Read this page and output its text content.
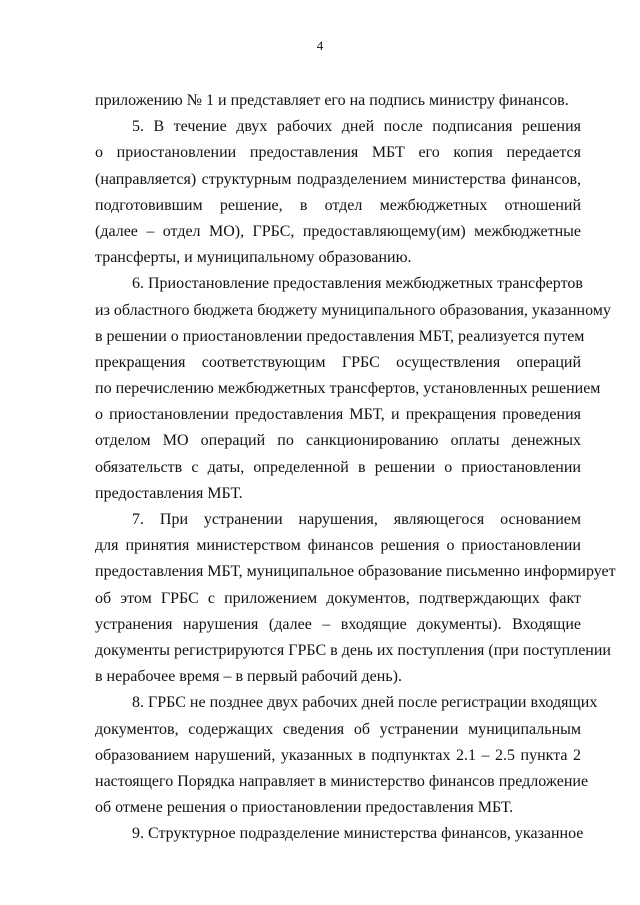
4
приложению № 1 и представляет его на подпись министру финансов.
5. В течение двух рабочих дней после подписания решения
о приостановлении предоставления МБТ его копия передается
(направляется) структурным подразделением министерства финансов,
подготовившим решение, в отдел межбюджетных отношений
(далее – отдел МО), ГРБС, предоставляющему(им) межбюджетные
трансферты, и муниципальному образованию.
6. Приостановление предоставления межбюджетных трансфертов
из областного бюджета бюджету муниципального образования, указанному
в решении о приостановлении предоставления МБТ, реализуется путем
прекращения соответствующим ГРБС осуществления операций
по перечислению межбюджетных трансфертов, установленных решением
о приостановлении предоставления МБТ, и прекращения проведения
отделом МО операций по санкционированию оплаты денежных
обязательств с даты, определенной в решении о приостановлении
предоставления МБТ.
7. При устранении нарушения, являющегося основанием
для принятия министерством финансов решения о приостановлении
предоставления МБТ, муниципальное образование письменно информирует
об этом ГРБС с приложением документов, подтверждающих факт
устранения нарушения (далее – входящие документы). Входящие
документы регистрируются ГРБС в день их поступления (при поступлении
в нерабочее время – в первый рабочий день).
8. ГРБС не позднее двух рабочих дней после регистрации входящих
документов, содержащих сведения об устранении муниципальным
образованием нарушений, указанных в подпунктах 2.1 – 2.5 пункта 2
настоящего Порядка направляет в министерство финансов предложение
об отмене решения о приостановлении предоставления МБТ.
9. Структурное подразделение министерства финансов, указанное
